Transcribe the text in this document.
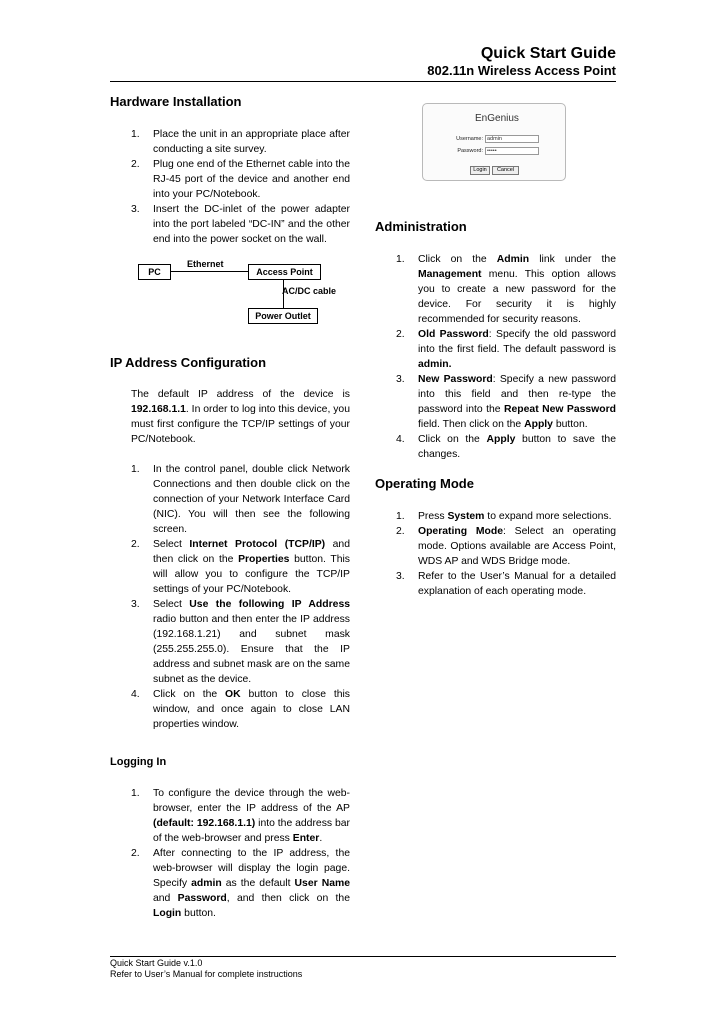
Quick Start Guide
802.11n Wireless Access Point
Hardware Installation
1. Place the unit in an appropriate place after conducting a site survey.
2. Plug one end of the Ethernet cable into the RJ-45 port of the device and another end into your PC/Notebook.
3. Insert the DC-inlet of the power adapter into the port labeled “DC-IN” and the other end into the power socket on the wall.
PC
Ethernet
Access Point
AC/DC cable
Power Outlet
IP Address Configuration

The default IP address of the device is 192.168.1.1. In order to log into this device, you must first configure the TCP/IP settings of your PC/Notebook.

1. In the control panel, double click Network Connections and then double click on the connection of your Network Interface Card (NIC). You will then see the following screen.
2. Select Internet Protocol (TCP/IP) and then click on the Properties button. This will allow you to configure the TCP/IP settings of your PC/Notebook.
3. Select Use the following IP Address radio button and then enter the IP address (192.168.1.21) and subnet mask (255.255.255.0). Ensure that the IP address and subnet mask are on the same subnet as the device.
4. Click on the OK button to close this window, and once again to close LAN properties window.
Logging In
1. To configure the device through the web-browser, enter the IP address of the AP (default: 192.168.1.1) into the address bar of the web-browser and press Enter.
2. After connecting to the IP address, the web-browser will display the login page. Specify admin as the default User Name and Password, and then click on the Login button.
EnGenius
Username: admin
Password: •••••
Login	Cancel
Administration
1. Click on the Admin link under the Management menu. This option allows you to create a new password for the device. For security it is highly recommended for security reasons.
2. Old Password: Specify the old password into the first field. The default password is admin.
3. New Password: Specify a new password into this field and then re-type the password into the Repeat New Password field. Then click on the Apply button.
4. Click on the Apply button to save the changes.
Operating Mode
1. Press System to expand more selections.
2. Operating Mode: Select an operating mode. Options available are Access Point, WDS AP and WDS Bridge mode.
3. Refer to the User’s Manual for a detailed explanation of each operating mode.
Quick Start Guide v.1.0
Refer to User’s Manual for complete instructions
